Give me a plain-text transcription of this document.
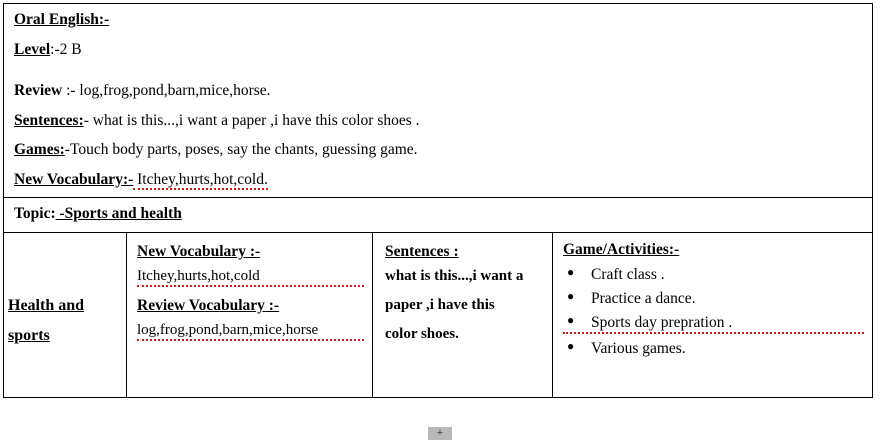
Oral English:-
Level:-2 B
Review :- log,frog,pond,barn,mice,horse.
Sentences:- what is this...,i want a paper ,i have this color shoes .
Games:-Touch body parts, poses, say the chants, guessing game.
New Vocabulary:- Itchey,hurts,hot,cold.

Topic: -Sports and health

Health and
sports

New Vocabulary :-
Itchey,hurts,hot,cold
Review Vocabulary :-
log,frog,pond,barn,mice,horse

Sentences :
what is this...,i want a
paper ,i have this
color shoes.

Game/Activities:-
● Craft class .
● Practice a dance.
● Sports day prepration .
● Various games.
+
